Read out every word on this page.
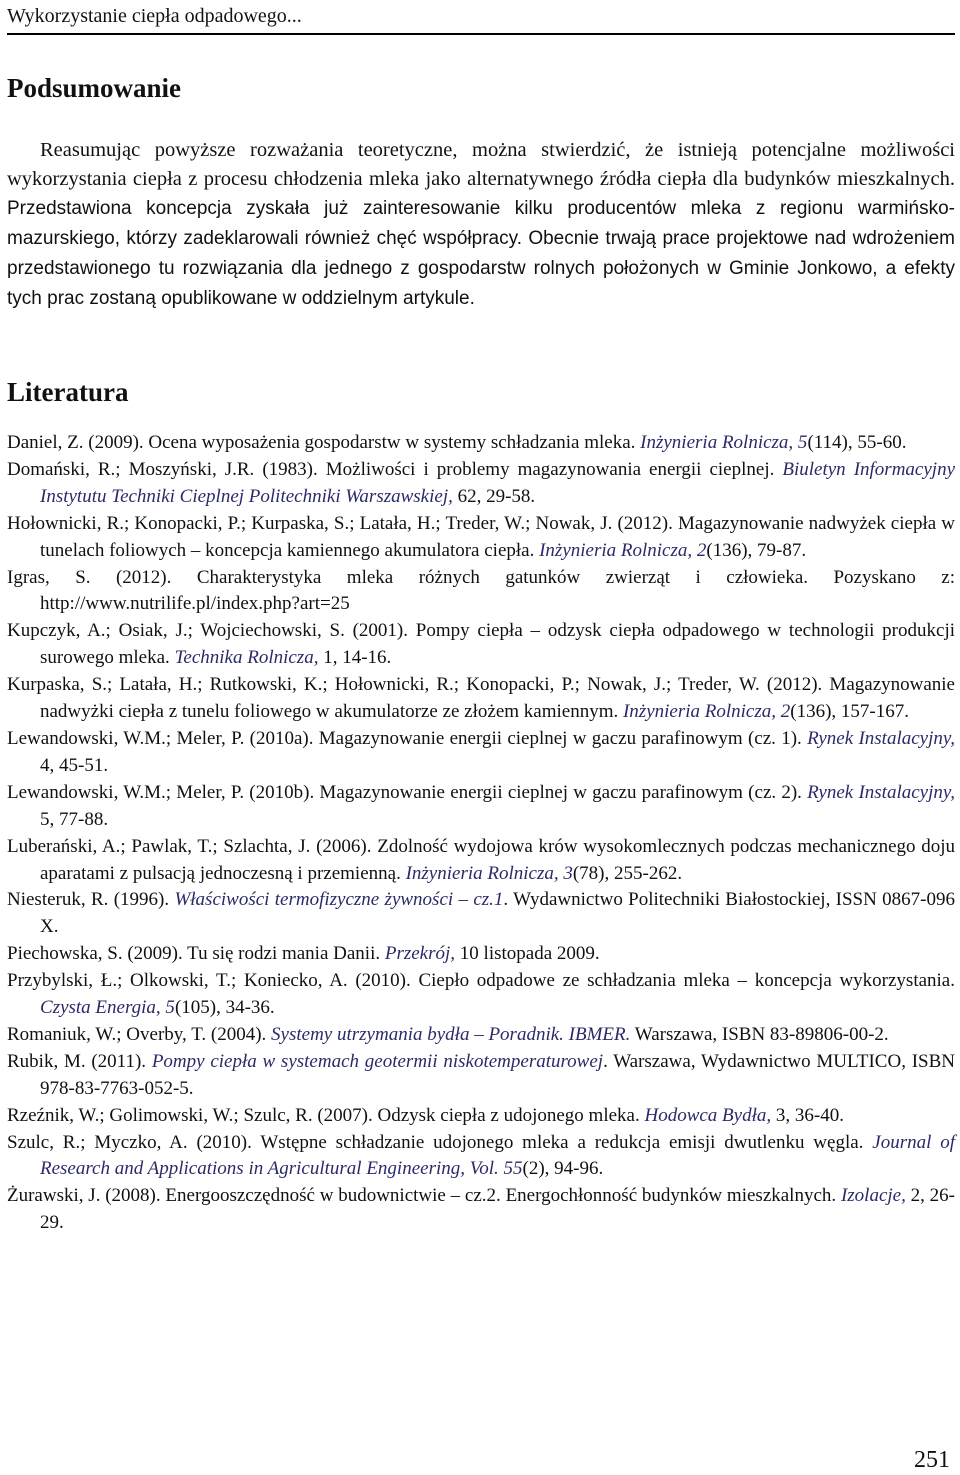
Wykorzystanie ciepła odpadowego...
Podsumowanie

Reasumując powyższe rozważania teoretyczne, można stwierdzić, że istnieją potencjalne możliwości wykorzystania ciepła z procesu chłodzenia mleka jako alternatywnego źródła ciepła dla budynków mieszkalnych. Przedstawiona koncepcja zyskała już zainteresowanie kilku producentów mleka z regionu warmińsko-mazurskiego, którzy zadeklarowali również chęć współpracy. Obecnie trwają prace projektowe nad wdrożeniem przedstawionego tu rozwiązania dla jednego z gospodarstw rolnych położonych w Gminie Jonkowo, a efekty tych prac zostaną opublikowane w oddzielnym artykule.

Literatura

Daniel, Z. (2009). Ocena wyposażenia gospodarstw w systemy schładzania mleka. Inżynieria Rolnicza, 5(114), 55-60.

Domański, R.; Moszyński, J.R. (1983). Możliwości i problemy magazynowania energii cieplnej. Biuletyn Informacyjny Instytutu Techniki Cieplnej Politechniki Warszawskiej, 62, 29-58.

Hołownicki, R.; Konopacki, P.; Kurpaska, S.; Latała, H.; Treder, W.; Nowak, J. (2012). Magazynowanie nadwyżek ciepła w tunelach foliowych – koncepcja kamiennego akumulatora ciepła. Inżynieria Rolnicza, 2(136), 79-87.

Igras, S. (2012). Charakterystyka mleka różnych gatunków zwierząt i człowieka. Pozyskano z: http://www.nutrilife.pl/index.php?art=25

Kupczyk, A.; Osiak, J.; Wojciechowski, S. (2001). Pompy ciepła – odzysk ciepła odpadowego w technologii produkcji surowego mleka. Technika Rolnicza, 1, 14-16.

Kurpaska, S.; Latała, H.; Rutkowski, K.; Hołownicki, R.; Konopacki, P.; Nowak, J.; Treder, W. (2012). Magazynowanie nadwyżki ciepła z tunelu foliowego w akumulatorze ze złożem kamiennym. Inżynieria Rolnicza, 2(136), 157-167.

Lewandowski, W.M.; Meler, P. (2010a). Magazynowanie energii cieplnej w gaczu parafinowym (cz. 1). Rynek Instalacyjny, 4, 45-51.

Lewandowski, W.M.; Meler, P. (2010b). Magazynowanie energii cieplnej w gaczu parafinowym (cz. 2). Rynek Instalacyjny, 5, 77-88.

Luberański, A.; Pawlak, T.; Szlachta, J. (2006). Zdolność wydojowa krów wysokomlecznych podczas mechanicznego doju aparatami z pulsacją jednoczesną i przemienną. Inżynieria Rolnicza, 3(78), 255-262.

Niesteruk, R. (1996). Właściwości termofizyczne żywności – cz.1. Wydawnictwo Politechniki Białostockiej, ISSN 0867-096 X.

Piechowska, S. (2009). Tu się rodzi mania Danii. Przekrój, 10 listopada 2009.

Przybylski, Ł.; Olkowski, T.; Koniecko, A. (2010). Ciepło odpadowe ze schładzania mleka – koncepcja wykorzystania. Czysta Energia, 5(105), 34-36.

Romaniuk, W.; Overby, T. (2004). Systemy utrzymania bydła – Poradnik. IBMER. Warszawa, ISBN 83-89806-00-2.

Rubik, M. (2011). Pompy ciepła w systemach geotermii niskotemperaturowej. Warszawa, Wydawnictwo MULTICO, ISBN 978-83-7763-052-5.

Rzeźnik, W.; Golimowski, W.; Szulc, R. (2007). Odzysk ciepła z udojonego mleka. Hodowca Bydła, 3, 36-40.

Szulc, R.; Myczko, A. (2010). Wstępne schładzanie udojonego mleka a redukcja emisji dwutlenku węgla. Journal of Research and Applications in Agricultural Engineering, Vol. 55(2), 94-96.

Żurawski, J. (2008). Energooszczędność w budownictwie – cz.2. Energochłonność budynków mieszkalnych. Izolacje, 2, 26-29.

251
